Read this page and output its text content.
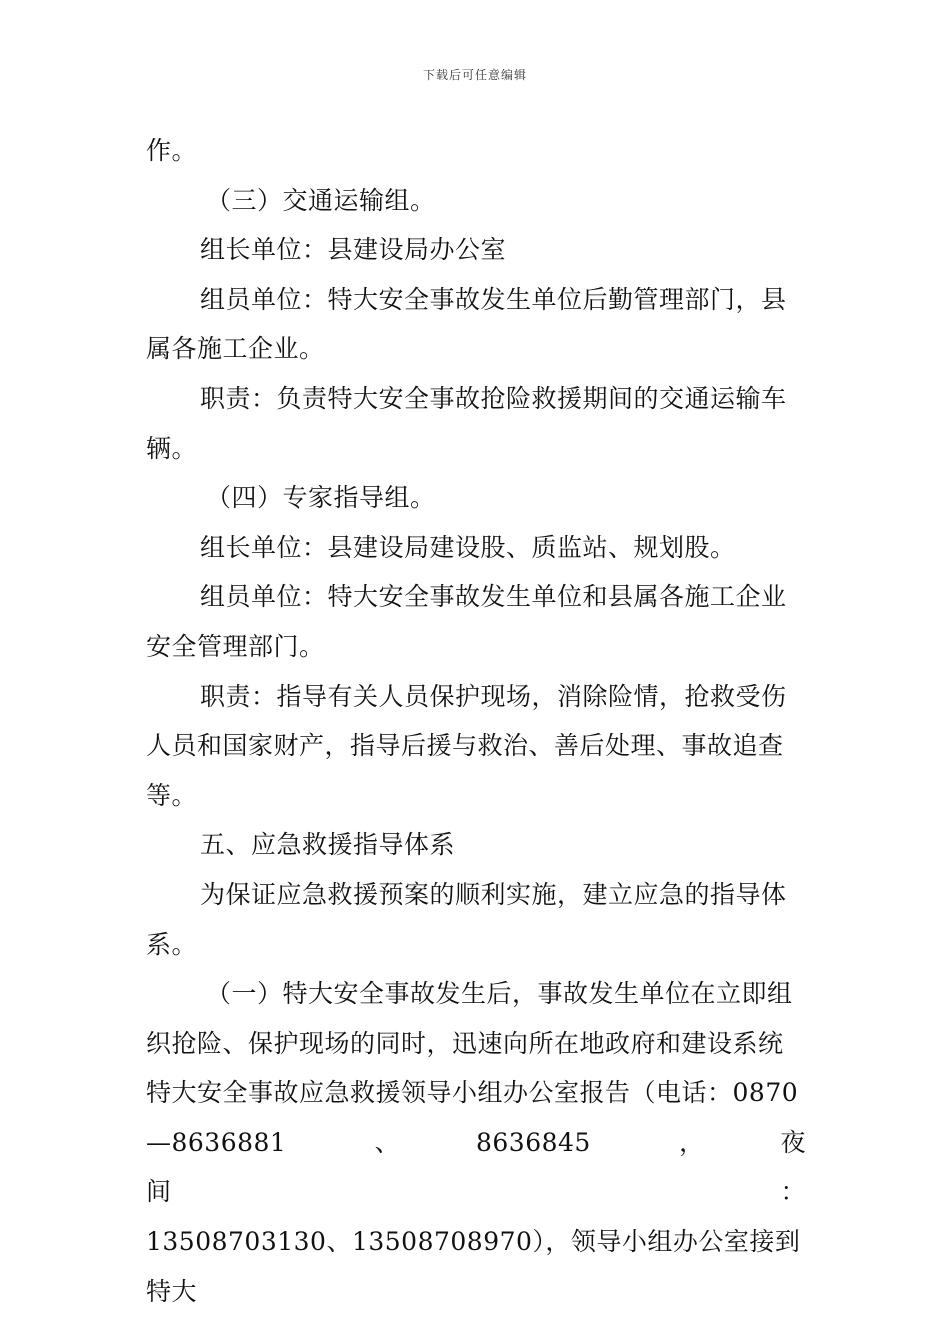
下载后可任意编辑

作。

（三）交通运输组。

组长单位：县建设局办公室

组员单位：特大安全事故发生单位后勤管理部门，县属各施工企业。

职责：负责特大安全事故抢险救援期间的交通运输车辆。

（四）专家指导组。

组长单位：县建设局建设股、质监站、规划股。

组员单位：特大安全事故发生单位和县属各施工企业安全管理部门。

职责：指导有关人员保护现场，消除险情，抢救受伤人员和国家财产，指导后援与救治、善后处理、事故追查等。

五、应急救援指导体系

为保证应急救援预案的顺利实施，建立应急的指导体系。

（一）特大安全事故发生后，事故发生单位在立即组织抢险、保护现场的同时，迅速向所在地政府和建设系统特大安全事故应急救援领导小组办公室报告（电话：0870

—8636881　　、　　8636845　　，　　夜　　间　　：

13508703130、13508708970），领导小组办公室接到特大
